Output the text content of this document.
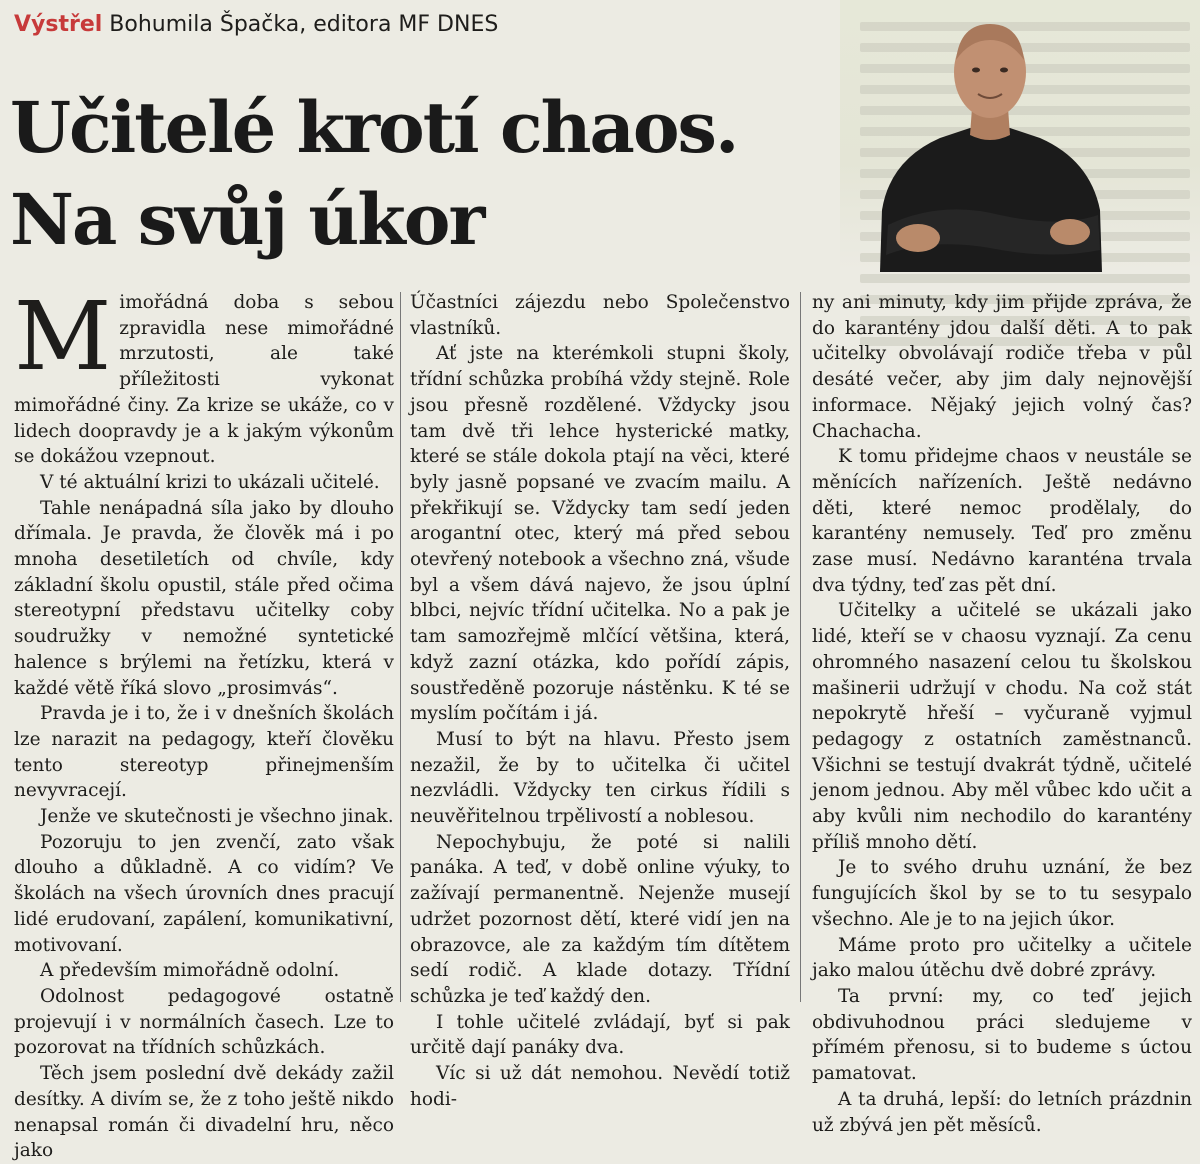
Výstřel Bohumila Špačka, editora MF DNES

Učitelé krotí chaos.
Na svůj úkor

Mimořádná doba s sebou zpravidla nese mimořádné mrzutosti, ale také příležitosti vykonat mimořádné činy. Za krize se ukáže, co v lidech doopravdy je a k jakým výkonům se dokážou vzepnout.

V té aktuální krizi to ukázali učitelé.

Tahle nenápadná síla jako by dlouho dřímala. Je pravda, že člověk má i po mnoha desetiletích od chvíle, kdy základní školu opustil, stále před očima stereotypní představu učitelky coby soudružky v nemožné syntetické halence s brýlemi na řetízku, která v každé větě říká slovo „prosimvás“.

Pravda je i to, že i v dnešních školách lze narazit na pedagogy, kteří člověku tento stereotyp přinejmenším nevyvracejí.

Jenže ve skutečnosti je všechno jinak.

Pozoruju to jen zvenčí, zato však dlouho a důkladně. A co vidím? Ve školách na všech úrovních dnes pracují lidé erudovaní, zapálení, komunikativní, motivovaní.

A především mimořádně odolní.

Odolnost pedagogové ostatně projevují i v normálních časech. Lze to pozorovat na třídních schůzkách.

Těch jsem poslední dvě dekády zažil desítky. A divím se, že z toho ještě nikdo nenapsal román či divadelní hru, něco jako

Účastníci zájezdu nebo Společenstvo vlastníků.

Ať jste na kterémkoli stupni školy, třídní schůzka probíhá vždy stejně. Role jsou přesně rozdělené. Vždycky jsou tam dvě tři lehce hysterické matky, které se stále dokola ptají na věci, které byly jasně popsané ve zvacím mailu. A překřikují se. Vždycky tam sedí jeden arogantní otec, který má před sebou otevřený notebook a všechno zná, všude byl a všem dává najevo, že jsou úplní blbci, nejvíc třídní učitelka. No a pak je tam samozřejmě mlčící většina, která, když zazní otázka, kdo pořídí zápis, soustředěně pozoruje nástěnku. K té se myslím počítám i já.

Musí to být na hlavu. Přesto jsem nezažil, že by to učitelka či učitel nezvládli. Vždycky ten cirkus řídili s neuvěřitelnou trpělivostí a noblesou.

Nepochybuju, že poté si nalili panáka. A teď, v době online výuky, to zažívají permanentně. Nejenže musejí udržet pozornost dětí, které vidí jen na obrazovce, ale za každým tím dítětem sedí rodič. A klade dotazy. Třídní schůzka je teď každý den.

I tohle učitelé zvládají, byť si pak určitě dají panáky dva.

Víc si už dát nemohou. Nevědí totiž hodi-

ny ani minuty, kdy jim přijde zpráva, že do karantény jdou další děti. A to pak učitelky obvolávají rodiče třeba v půl desáté večer, aby jim daly nejnovější informace. Nějaký jejich volný čas? Chachacha.

K tomu přidejme chaos v neustále se měnících nařízeních. Ještě nedávno děti, které nemoc prodělaly, do karantény nemusely. Teď pro změnu zase musí. Nedávno karanténa trvala dva týdny, teď zas pět dní.

Učitelky a učitelé se ukázali jako lidé, kteří se v chaosu vyznají. Za cenu ohromného nasazení celou tu školskou mašinerii udržují v chodu. Na což stát nepokrytě hřeší – vyčuraně vyjmul pedagogy z ostatních zaměstnanců. Všichni se testují dvakrát týdně, učitelé jenom jednou. Aby měl vůbec kdo učit a aby kvůli nim nechodilo do karantény příliš mnoho dětí.

Je to svého druhu uznání, že bez fungujících škol by se to tu sesypalo všechno. Ale je to na jejich úkor.

Máme proto pro učitelky a učitele jako malou útěchu dvě dobré zprávy.

Ta první: my, co teď jejich obdivuhodnou práci sledujeme v přímém přenosu, si to budeme s úctou pamatovat.

A ta druhá, lepší: do letních prázdnin už zbývá jen pět měsíců.
